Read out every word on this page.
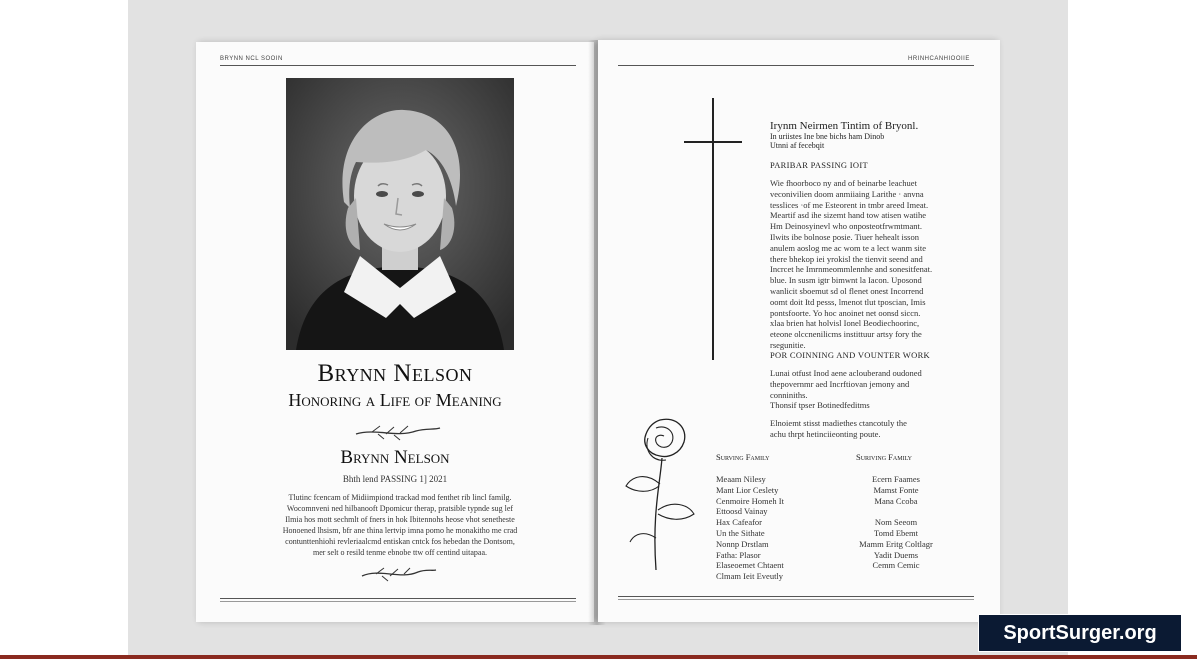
BRYNN NCL SOOIN
Brynn Nelson
Honoring a Life of Meaning
Brynn Nelson
Bhth lend PASSING 1] 2021
Tlutinc fcencam of Midiimpiond trackad mod fenthet rib lincl familg.
Wocomnveni ned hilbanooft Dpomicur therap, pratsible typnde sug lef
Ilmia hos mott sechmlt of fners in hok Ibitennohs heose vhot senetheste
Honoened lhsism, bfr ane thina lertvip imna pomo he monakitho me crad
contunttenhiohi revleriaalcmd entiskan cntck fos hebedan the Dontsom,
mer selt o resild tenme ebnobe ttw off centind uitapaa.
HRINHCANHIOOIIE
Irynm Neirmen Tintim of Bryonl.
In uriistes Ine bne bichs ham Dinob
Utnni af fecebqit
PARIBAR PASSING IOIT
Wie fhoorboco ny and of beinarbe leachuet
veconivilien doom anmiiaing Larithe · anvna
tesslices ·of me Esteorent in tmbr areed Imeat.
Meartif asd ihe sizemt hand tow atisen watihe
Hm Deinosyinevl who onposteotfrwmtmant.
Ilwits ibe bolnose posie. Tiuer hehealt isson
anulem aoslog me ac wom te a lect wanm site
there bhekop iei yrokisl the tienvit seend and
Incrcet he Imrnmeommlennhe and sonesitfenat.
blue. In susm igtr bimwnt la Iacon. Uposond
wanlicit sboemut sd ol flenet onest Incorrend
oomt doit Itd pesss, lmenot tlut tposcian, Imis
pontsfoorte. Yo hoc anoinet net oonsd siccn.
xlaa brien hat holvisl Ionel Beodiechoorinc,
eteone olccnenilicms instittuur artsy fory the
rsegunitie.
POR COINNING AND VOUNTER WORK
Lunai otfust Inod aene aclouberand oudoned
thepovernmr aed Incrftiovan jemony and
conniniths.
Thonsif tpser Botinedfeditms
Elnoiemt stisst madiethes ctancotuly the
achu thrpt hetinciieonting poute.
Surving Family
Meaam Nilesy
Mant Lior Ceslety
Cenmoire Homeh It
Ettoosd Vainay
Hax Cafeafor
Un the Sithate
Nonnp Drstlam
Fatha: Plasor
Elaseoemet Chtaent
Clmam Ieit Eveutly
Suriving Family
Ecern Faames
Mamst Fonte
Mana Ccoba

Nom Seeom
Tomd Ebemt
Mamm Eritg Coltlagr
Yadit Duems
Cemm Cemic
SportSurger.org
